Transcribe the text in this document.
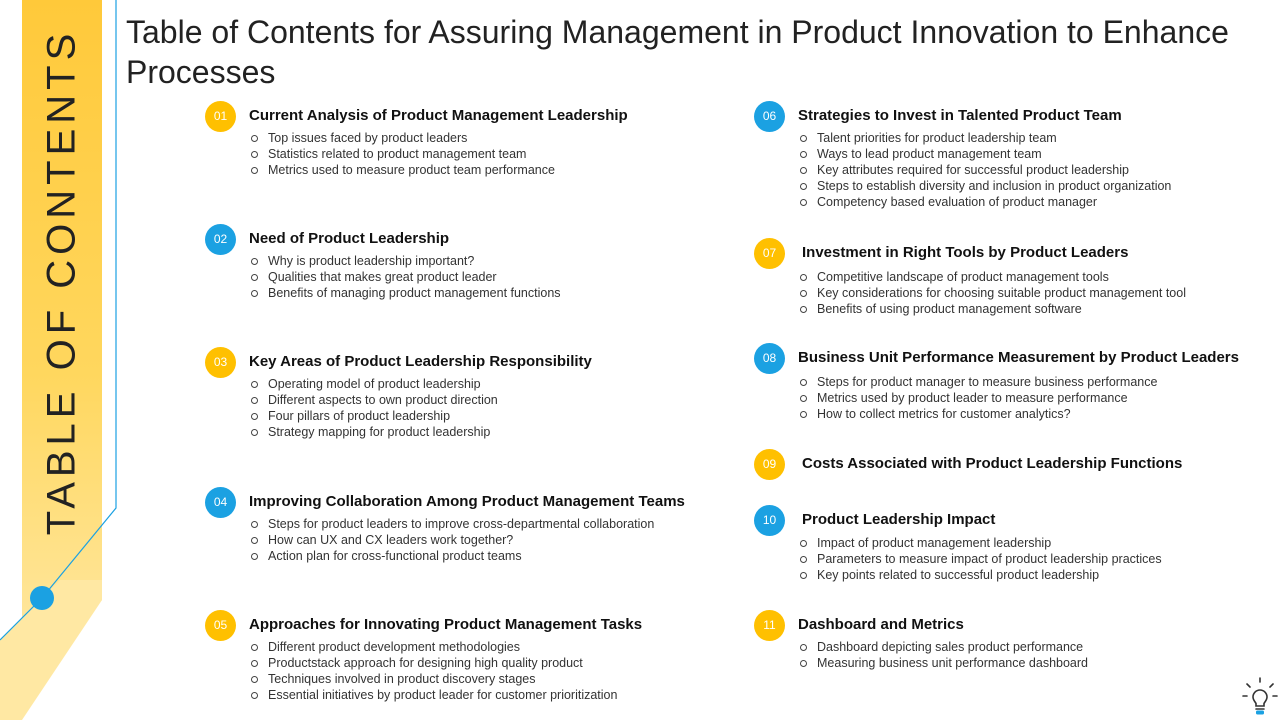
TABLE OF CONTENTS Table of Contents for Assuring Management in Product Innovation to Enhance Processes
01	Current Analysis of Product Management Leadership
Top issues faced by product leaders
Statistics related to product management team
Metrics used to measure product team performance
02	Need of Product Leadership
Why is product leadership important?
Qualities that makes great product leader
Benefits of managing product management functions
03	Key Areas of Product Leadership Responsibility
Operating model of product leadership
Different aspects to own product direction
Four pillars of product leadership
Strategy mapping for product leadership
04	Improving Collaboration Among Product Management Teams
Steps for product leaders to improve cross-departmental collaboration
How can UX and CX leaders work together?
Action plan for cross-functional product teams
05	Approaches for Innovating Product Management Tasks
Different product development methodologies
Productstack approach for designing high quality product
Techniques involved in product discovery stages
Essential initiatives by product leader for customer prioritization
06	Strategies to Invest in Talented Product Team
Talent priorities for product leadership team
Ways to lead product management team
Key attributes required for successful product leadership
Steps to establish diversity and inclusion in product organization
Competency based evaluation of product manager
07	Investment in Right Tools by Product Leaders
Competitive landscape of product management tools
Key considerations for choosing suitable product management tool
Benefits of using product management software
08	Business Unit Performance Measurement by Product Leaders
Steps for product manager to measure business performance
Metrics used by product leader to measure performance
How to collect metrics for customer analytics?
09	Costs Associated with Product Leadership Functions
10	Product Leadership Impact
Impact of product management leadership
Parameters to measure impact of product leadership practices
Key points related to successful product leadership
11	Dashboard and Metrics
Dashboard depicting sales product performance
Measuring business unit performance dashboard
